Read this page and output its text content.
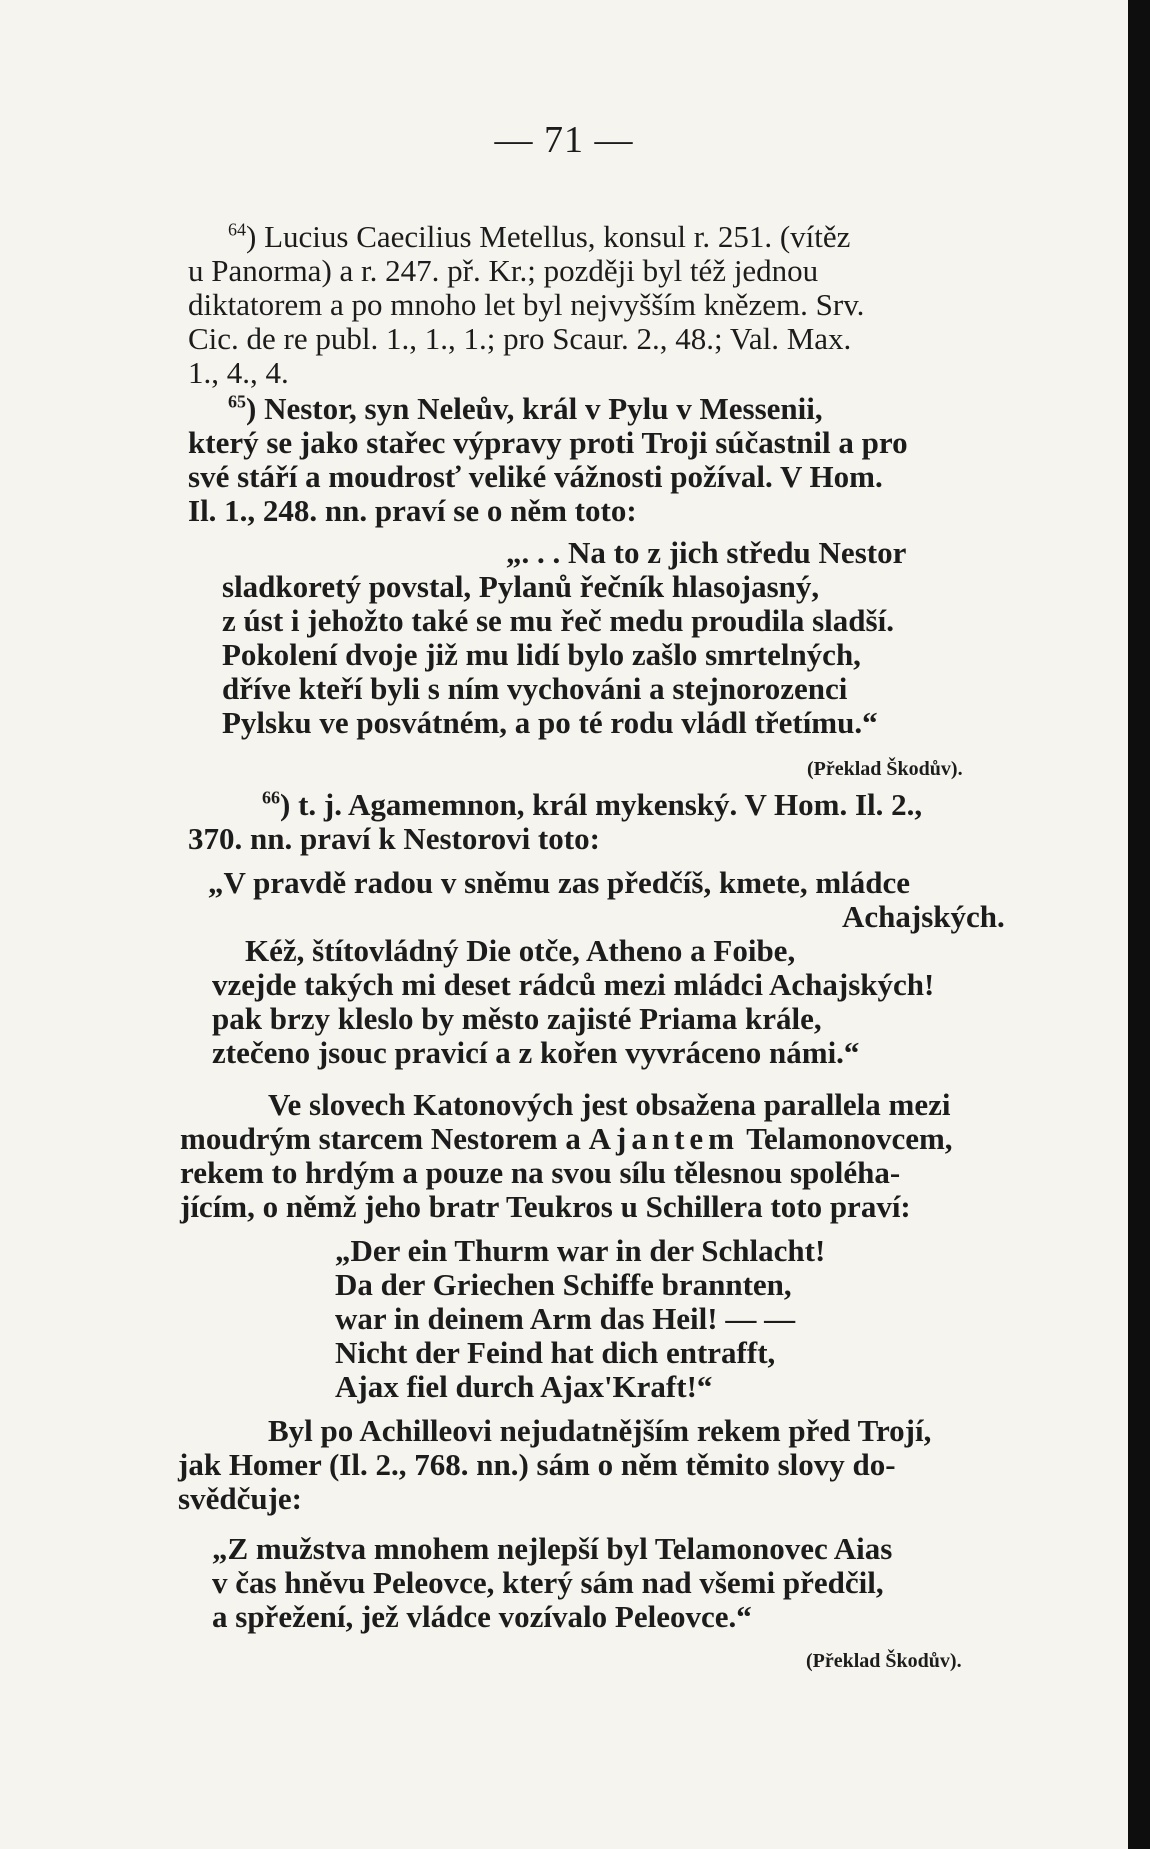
— 71 —
$^{64}$) Lucius Caecilius Metellus, konsul r. 251. (vítěz
u Panorma) a r. 247. př. Kr.; později byl též jednou
diktatorem a po mnoho let byl nejvyšším knězem. Srv.
Cic. de re publ. 1., 1., 1.; pro Scaur. 2., 48.; Val. Max.
1., 4., 4.
$^{65}$) Nestor, syn Neleův, král v Pylu v Messenii,
který se jako stařec výpravy proti Troji súčastnil a pro
své stáří a moudrosť veliké vážnosti požíval. V Hom.
Il. 1., 248. nn. praví se o něm toto:
„. . . Na to z jich středu Nestor
sladkoretý povstal, Pylanů řečník hlasojasný,
z úst i jehožto také se mu řeč medu proudila sladší.
Pokolení dvoje již mu lidí bylo zašlo smrtelných,
dříve kteří byli s ním vychováni a stejnorozenci
Pylsku ve posvátném, a po té rodu vládl třetímu.“
(Překlad Škodův).
$^{66}$) t. j. Agamemnon, král mykenský. V Hom. Il. 2.,
370. nn. praví k Nestorovi toto:
„V pravdě radou v sněmu zas předčíš, kmete, mládce
Achajských.
Kéž, štítovládný Die otče, Atheno a Foibe,
vzejde takých mi deset rádců mezi mládci Achajských!
pak brzy kleslo by město zajisté Priama krále,
ztečeno jsouc pravicí a z kořen vyvráceno námi.“
Ve slovech Katonových jest obsažena parallela mezi
moudrým starcem Nestorem a Ajantem Telamonovcem,
rekem to hrdým a pouze na svou sílu tělesnou spoléha-
jícím, o němž jeho bratr Teukros u Schillera toto praví:
„Der ein Thurm war in der Schlacht!
Da der Griechen Schiffe brannten,
war in deinem Arm das Heil! — —
Nicht der Feind hat dich entrafft,
Ajax fiel durch Ajax'Kraft!“
Byl po Achilleovi nejudatnějším rekem před Trojí,
jak Homer (Il. 2., 768. nn.) sám o něm těmito slovy do-
svědčuje:
„Z mužstva mnohem nejlepší byl Telamonovec Aias
v čas hněvu Peleovce, který sám nad všemi předčil,
a spřežení, jež vládce vozívalo Peleovce.“
(Překlad Škodův).
